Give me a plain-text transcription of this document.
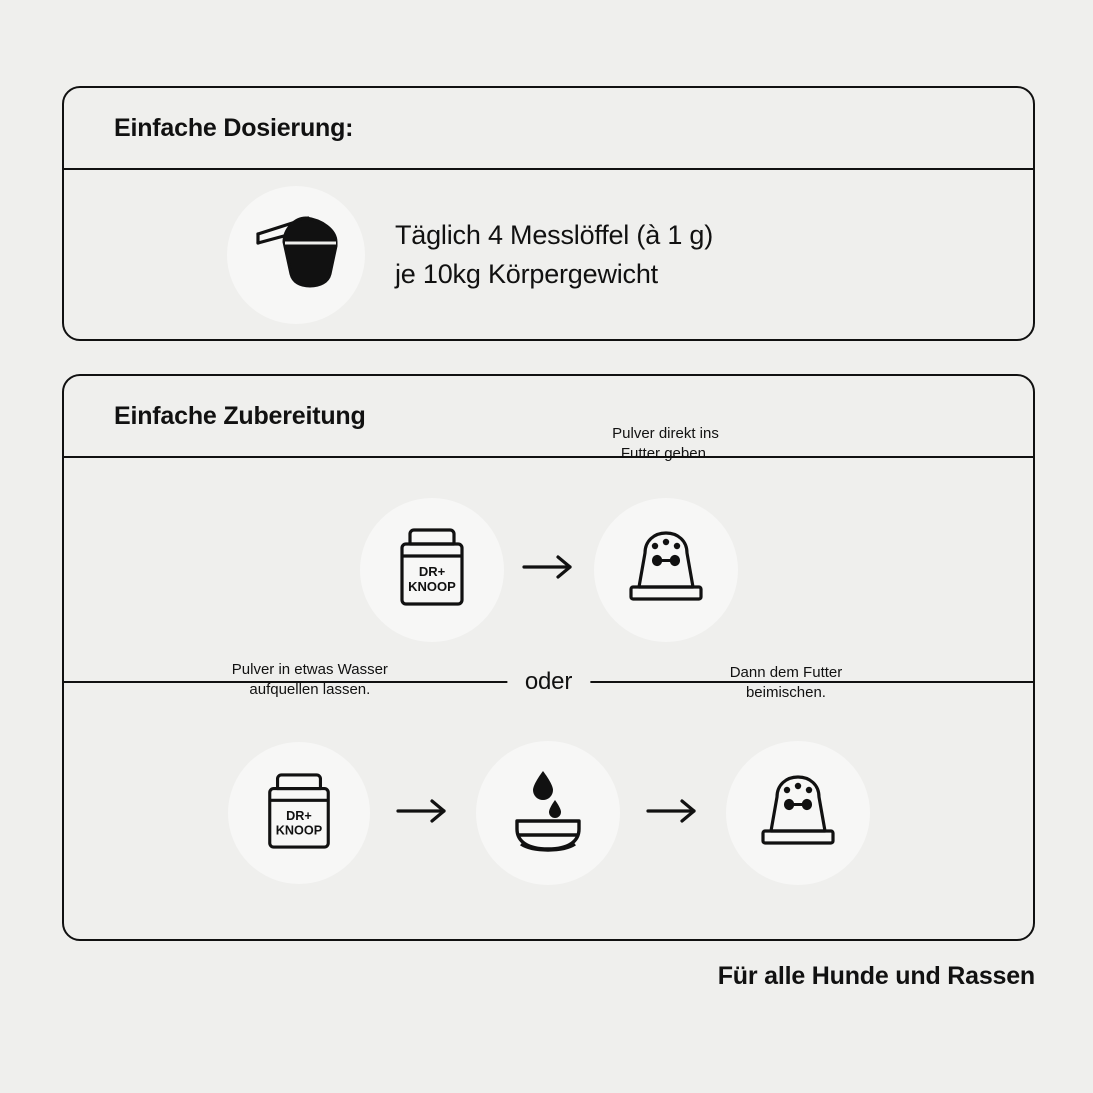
Einfache Dosierung:
Täglich 4 Messlöffel (à 1 g)
je 10kg Körpergewicht
Einfache Zubereitung
DR+
KNOOP
Pulver direkt ins
Futter geben.
oder
Pulver in etwas Wasser
aufquellen lassen.
DR+
KNOOP
Dann dem Futter
beimischen.
Für alle Hunde und Rassen
